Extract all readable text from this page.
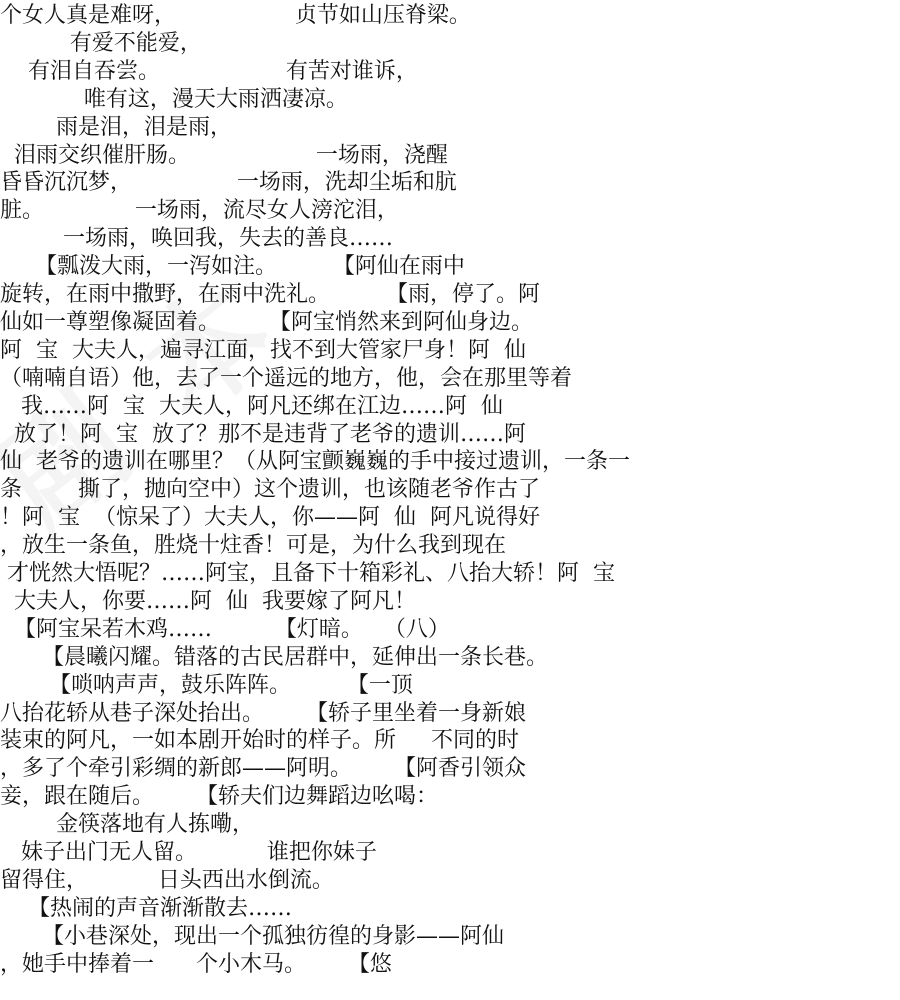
个女人真是难呀，                 贞节如山压脊梁。
有爱不能爱，
有泪自吞尝。                  有苦对谁诉，
唯有这，漫天大雨洒凄凉。
雨是泪，泪是雨，
泪雨交织催肝肠。                  一场雨，浇醒
昏昏沉沉梦，               一场雨，洗却尘垢和肮
脏。             一场雨，流尽女人滂沱泪，
一场雨，唤回我，失去的善良……
【瓢泼大雨，一泻如注。        【阿仙在雨中
旋转，在雨中撒野，在雨中洗礼。        【雨，停了。阿
仙如一尊塑像凝固着。       【阿宝悄然来到阿仙身边。
阿  宝  大夫人，遍寻江面，找不到大管家尸身！阿  仙
（喃喃自语）他，去了一个遥远的地方，他，会在那里等着
我……阿  宝  大夫人，阿凡还绑在江边……阿  仙
放了！阿  宝  放了？那不是违背了老爷的遗训……阿
仙  老爷的遗训在哪里？（从阿宝颤巍巍的手中接过遗训，一条一
条        撕了，抛向空中）这个遗训，也该随老爷作古了
！阿  宝  （惊呆了）大夫人，你——阿  仙  阿凡说得好
，放生一条鱼，胜烧十炷香！可是，为什么我到现在
才恍然大悟呢？……阿宝，且备下十箱彩礼、八抬大轿！阿  宝
大夫人，你要……阿  仙  我要嫁了阿凡！
【阿宝呆若木鸡……         【灯暗。   （八）
【晨曦闪耀。错落的古民居群中，延伸出一条长巷。
【唢呐声声，鼓乐阵阵。        【一顶
八抬花轿从巷子深处抬出。      【轿子里坐着一身新娘
装束的阿凡，一如本剧开始时的样子。所     不同的时
，多了个牵引彩绸的新郎——阿明。      【阿香引领众
妾，跟在随后。      【轿夫们边舞蹈边吆喝：
金筷落地有人拣嘞，
妹子出门无人留。          谁把你妹子
留得住，          日头西出水倒流。
【热闹的声音渐渐散去……
【小巷深处，现出一个孤独彷徨的身影——阿仙
，她手中捧着一      个小木马。      【悠
